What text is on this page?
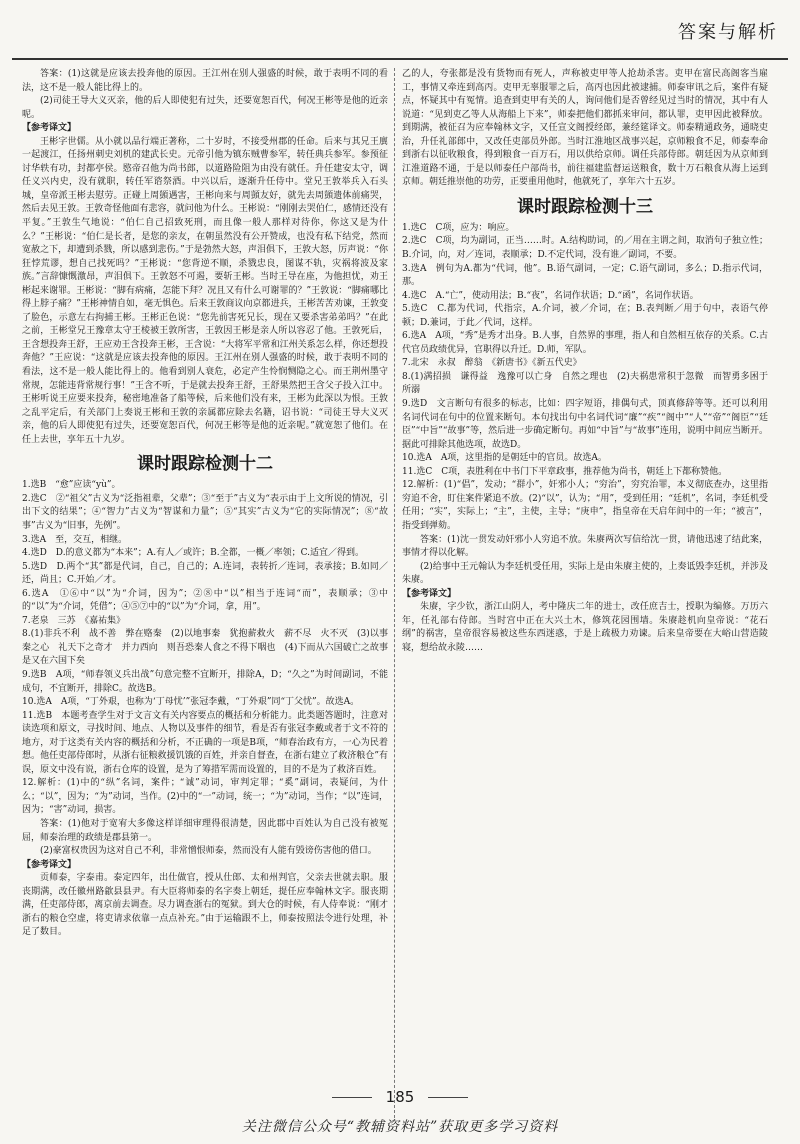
答案与解析

答案：(1)这就是应该去投奔他的原因。王江州在别人强盛的时候，敢于表明不同的看法，这不是一般人能比得上的。

(2)司徒王导大义灭亲，他的后人即使犯有过失，还要宽恕百代，何况王彬等是他的近亲呢。

【参考译文】

王彬字世儒。从小就以品行端正著称，二十岁时，不接受州郡的任命。后来与其兄王廙一起渡江，任扬州刺史刘机的建武长史。元帝引他为镇东贼曹参军，转任典兵参军。参预征讨华轶有功，封都亭侯。愍帝召他为尚书郎，以道路险阻为由没有就任。升任建安太守，调任义兴内史，没有就职，转任军谘祭酒。中兴以后，逐渐升任侍中。堂兄王敦举兵入石头城，皇帝派王彬去慰劳。正碰上周顗遇害，王彬向来与周顗友好，就先去周顗遗体前痛哭，然后去见王敦。王敦奇怪他面有悲容，就问他为什么。王彬说：“刚刚去哭伯仁，感情还没有平复。”王敦生气地说：“伯仁自己招致死刑，而且像一般人那样对待你，你这又是为什么？”王彬说：“伯仁是长者，是您的亲友，在朝虽然没有公开赞成，也没有私下结党，然而宽赦之下，却遭到杀戮，所以感到悲伤。”于是勃然大怒，声泪俱下，王敦大怒，厉声说：“你狂悖荒谬，想自己找死吗？”王彬说：“您背逆不顺，杀戮忠良，图谋不轨，灾祸将波及家族。”言辞慷慨激昂，声泪俱下。王敦怒不可遏，要斩王彬。当时王导在座，为他担忧，劝王彬起来谢罪。王彬说：“脚有病痛，怎能下拜？况且又有什么可谢罪的？”王敦说：“脚痛哪比得上脖子痛？”王彬神情自如，毫无惧色。后来王敦商议向京都进兵，王彬苦苦劝谏，王敦变了脸色，示意左右拘捕王彬。王彬正色说：“您先前害死兄长，现在又要杀害弟弟吗？”在此之前，王彬堂兄王豫章太守王棱被王敦所害，王敦因王彬是亲人所以容忍了他。王敦死后，王含想投奔王舒，王应劝王含投奔王彬，王含说：“大将军平常和江州关系怎么样，你还想投奔他？”王应说：“这就是应该去投奔他的原因。王江州在别人强盛的时候，敢于表明不同的看法，这不是一般人能比得上的。他看到别人衰危，必定产生怜悯恻隐之心。而王荆州墨守常规，怎能违背常规行事！”王含不听，于是就去投奔王舒，王舒果然把王含父子投入江中。王彬听说王应要来投奔，秘密地准备了船等候，后来他们没有来，王彬为此深以为恨。王敦之乱平定后，有关部门上奏说王彬和王敦的亲属都应除去名籍，诏书说：“司徒王导大义灭亲，他的后人即使犯有过失，还要宽恕百代，何况王彬等是他的近亲呢。”就宽恕了他们。在任上去世，享年五十九岁。

课时跟踪检测十二

1.选B　“愈”应读“yù”。

2.选C　②“祖父”古义为“泛指祖辈，父辈”；③“至于”古义为“表示由于上文所说的情况，引出下文的结果”；④“智力”古义为“智谋和力量”；⑤“其实”古义为“它的实际情况”；⑧“故事”古义为“旧事，先例”。

3.选A　至，交互，相继。

4.选D　D.的意义都为“本来”；A.有人／或许；B.全都，一概／率领；C.适宜／得到。

5.选D　D.两个“其”都是代词，自己，自己的；A.连词，表转折／连词，表承接；B.如同／还，尚且；C.开始／才。

6.选A　①⑥中“以”为“介词，因为”；②⑧中“以”相当于连词“而”，表顺承；③中的“以”为“介词，凭借”；④⑤⑦中的“以”为“介词，拿，用”。

7.老泉　三苏　《嘉祐集》

8.(1)非兵不利　战不善　弊在赂秦　(2)以地事秦　犹抱薪救火　薪不尽　火不灭　(3)以事秦之心　礼天下之奇才　并力西向　则吾恐秦人食之不得下咽也　(4)下而从六国破亡之故事　是又在六国下矣

9.选B　A项，“师春领义兵出战”句意完整不宜断开，排除A，D；“久之”为时间副词，不能成句，不宜断开，排除C。故选B。

10.选A　A项，“丁外艰，也称为‘丁母忧’”张冠李戴，“丁外艰”同“丁父忧”。故选A。

11.选B　本题考查学生对于文言文有关内容要点的概括和分析能力。此类题答题时，注意对读选项和原文，寻找时间、地点、人物以及事件的细节，看是否有张冠李戴或者于文不符的地方，对于这类有关内容的概括和分析，不正确的一项是B项，“师春治政有方，一心为民着想。他任吏部侍郎时，从浙右征粮救援饥饿的百姓，并亲自督查，在浙右建立了救济粮仓”有误，原文中没有说，浙右仓库的设置，是为了筹措军需而设置的，目的不是为了救济百姓。

12.解析：(1)中的“纵”名词，案件；“诚”动词，审判定罪；“奚”副词，表疑问，为什么；“以”，因为；“为”动词，当作。(2)中的“一”动词，统一；“为”动词，当作；“以”连词，因为；“害”动词，损害。

答案：(1)他对于宽宥大多像这样详细审理得很清楚，因此郡中百姓认为自己没有被冤屈，师泰治理的政绩是郡县第一。

(2)豪富权贵因为这对自己不利，非常憎恨师泰，然而没有人能有毁谤伤害他的借口。

【参考译文】

贡师泰，字泰甫。泰定四年，出仕做官，授从仕郎、太和州判官，父亲去世就去职。服丧期满，改任徽州路歙县县尹。有大臣将师泰的名字奏上朝廷，提任应奉翰林文字。服丧期满，任吏部侍郎，离京前去调查。尽力调查浙右的冤狱。到大仓的时候，有人侍奉说：“刚才浙右的粮仓空虚，将吏请求依靠一点点补充。”由于运输跟不上，师泰按照法令进行处理，补足了数目。

乙的人，夸张都是没有货物而有死人，声称被吏甲等人抢劫杀害。吏甲在富民高阁客当雇工，事情又牵连到高丙。吏甲无辜服罪之后，高丙也因此被逮捕。师泰审讯之后，案件有疑点，怀疑其中有冤情。追查到吏甲有关的人，询问他们是否曾经见过当时的情况，其中有人说道：“见到吏乙等人从海船上下来”，师泰把他们都抓来审问，都认罪，吏甲因此被释放。到期满，被征召为应奉翰林文字，又任宣文阁授经郎，兼经筵译文。师泰精通政务，通晓吏治，升任礼部郎中，又改任吏部员外郎。当时江淮地区战事兴起，京师粮食不足，师泰奉命到浙右以征收粮食，得到粮食一百万石，用以供给京师。调任兵部侍郎。朝廷因为从京师到江淮道路不通，于是以师泰任户部尚书，前往福建监督运送粮食，数十万石粮食从海上运到京师。朝廷推崇他的功劳，正要重用他时，他就死了，享年六十五岁。

课时跟踪检测十三

1.选C　C项，应为：响应。

2.选C　C项，均为副词，正当……时。A.结构助词，的／用在主谓之间，取消句子独立性；B.介词，向，对／连词，表顺承；D.不定代词，没有谁／副词，不要。

3.选A　例句为A.都为“代词，他”。B.语气副词，一定；C.语气副词，多么；D.指示代词，那。

4.选C　A.“亡”，使动用法；B.“夜”，名词作状语；D.“函”，名词作状语。

5.选C　C.都为代词，代指宗，A.介词，被／介词，在；B.表判断／用于句中，表语气停顿；D.兼词，于此／代词，这样。

6.选A　A项，“秀”是秀才出身。B.人事，自然界的事理，指人和自然相互依存的关系。C.古代官员政绩优异，官职得以升迁。D.师，军队。

7.北宋　永叔　醉翁　《新唐书》《新五代史》

8.(1)满招损　谦得益　逸豫可以亡身　自然之理也　(2)夫祸患常积于忽微　而智勇多困于所溺

9.选D　文言断句有很多的标志，比如：四字短语，排偶句式，顶真修辞等等。还可以利用名词代词在句中的位置来断句。本句找出句中名词代词“廉”“疾”“阁中”“人”“帝”“阁臣”“廷臣”“中旨”“故事”等，然后进一步确定断句。再如“中旨”与“故事”连用，说明中间应当断开。据此可排除其他选项，故选D。

10.选A　A项，这里指的是朝廷中的官员。故选A。

11.选C　C项，表胜利在中书门下平章政事，推荐他为尚书，朝廷上下都称赞他。

12.解析：(1)“倡”，发动；“群小”，奸邪小人；“穷治”，穷究治罪，本义彻底查办，这里指穷追不舍，盯住案件紧追不放。(2)“以”，认为；“用”，受到任用；“廷机”，名词，李廷机受任用；“实”，实际上；“主”，主使，主导；“庚申”，指皇帝在天启年间中的一年；“被言”，指受到弹劾。

答案：(1)沈一贯发动奸邪小人穷追不放。朱赓两次写信给沈一贯，请他迅速了结此案，事情才得以化解。

(2)给事中王元翰认为李廷机受任用，实际上是由朱赓主使的，上奏诋毁李廷机，并涉及朱赓。

【参考译文】

朱赓，字少钦，浙江山阴人，考中隆庆二年的进士，改任庶吉士，授职为编修。万历六年，任礼部右侍郎。当时宫中正在大兴土木，修筑花园围墙。朱赓趁机向皇帝说：“花石纲”的祸害，皇帝很容易被这些东西迷惑，于是上疏极力劝谏。后来皇帝要在大峪山营造陵寝，想给故永陵……

185
关注微信公众号“教辅资料站”获取更多学习资料
